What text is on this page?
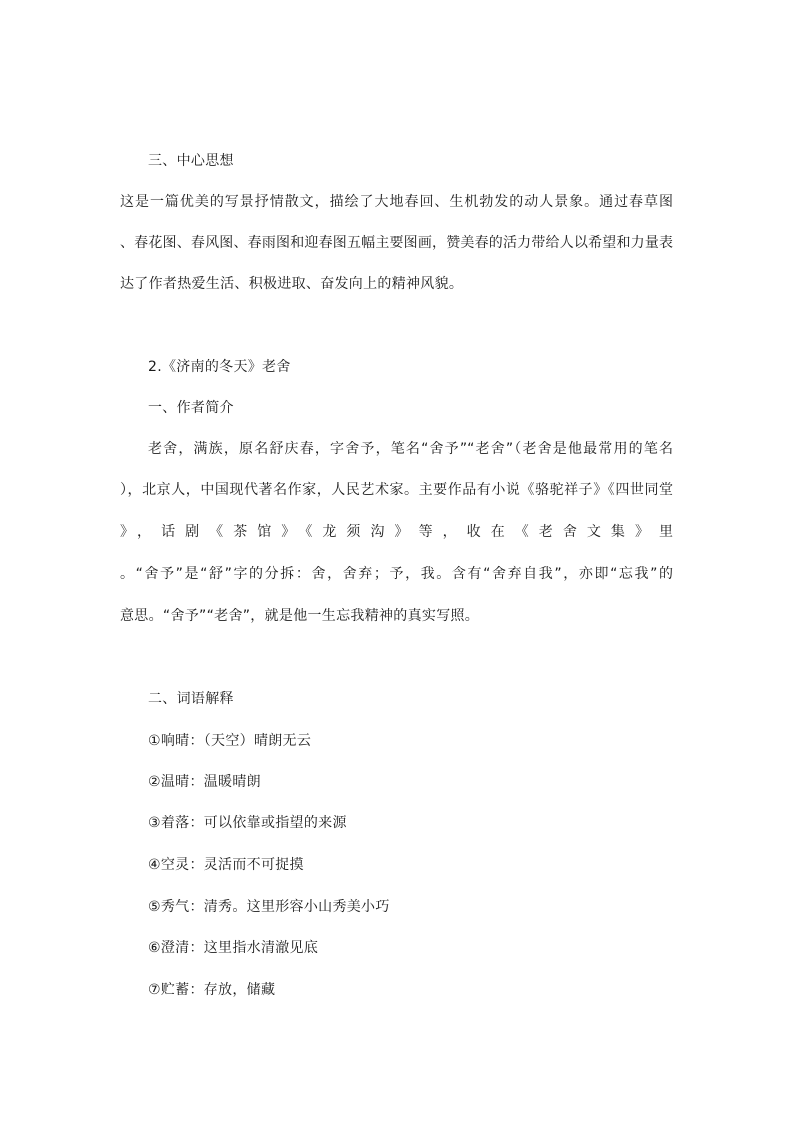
三、中心思想
这是一篇优美的写景抒情散文，描绘了大地春回、生机勃发的动人景象。通过春草图
、春花图、春风图、春雨图和迎春图五幅主要图画，赞美春的活力带给人以希望和力量表
达了作者热爱生活、积极进取、奋发向上的精神风貌。
2.《济南的冬天》老舍
一、作者简介
老舍，满族，原名舒庆春，字舍予，笔名“舍予”“老舍”（老舍是他最常用的笔名
），北京人，中国现代著名作家，人民艺术家。主要作品有小说《骆驼祥子》《四世同堂
》，话剧《茶馆》《龙须沟》等，收在《老舍文集》里
。“舍予”是“舒”字的分拆：舍，舍弃；予，我。含有“舍弃自我”，亦即“忘我”的
意思。“舍予”“老舍”，就是他一生忘我精神的真实写照。
二、词语解释
①响晴：（天空）晴朗无云
②温晴：温暖晴朗
③着落：可以依靠或指望的来源
④空灵：灵活而不可捉摸
⑤秀气：清秀。这里形容小山秀美小巧
⑥澄清：这里指水清澈见底
⑦贮蓄：存放，储藏
